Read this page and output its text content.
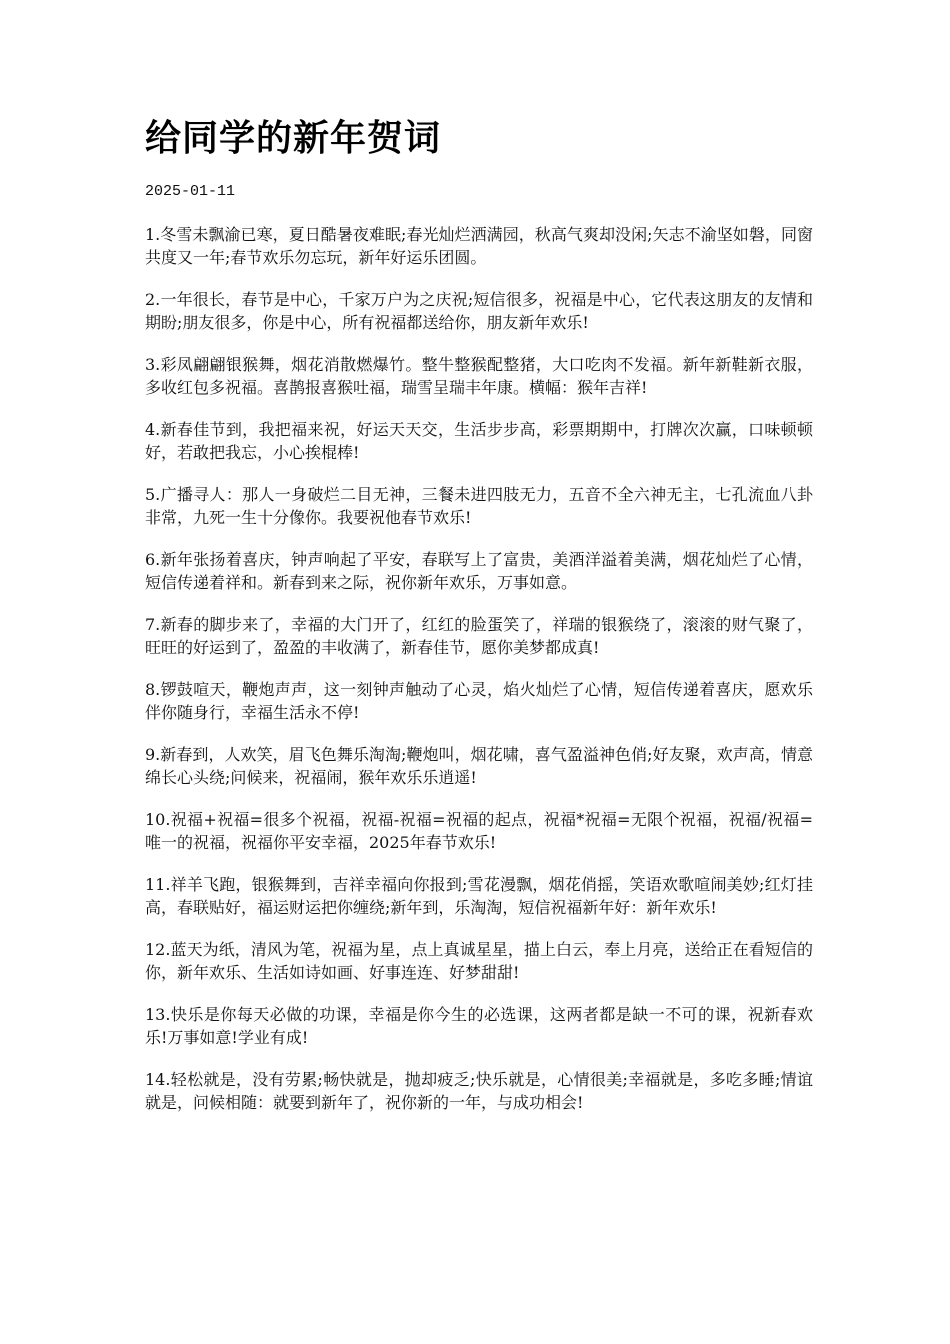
给同学的新年贺词
2025-01-11

1.冬雪未飘渝已寒，夏日酷暑夜难眠;春光灿烂洒满园，秋高气爽却没闲;矢志不渝坚如磐，同窗共度又一年;春节欢乐勿忘玩，新年好运乐团圆。

2.一年很长，春节是中心，千家万户为之庆祝;短信很多，祝福是中心，它代表这朋友的友情和期盼;朋友很多，你是中心，所有祝福都送给你，朋友新年欢乐!

3.彩凤翩翩银猴舞，烟花消散燃爆竹。整牛整猴配整猪，大口吃肉不发福。新年新鞋新衣服，多收红包多祝福。喜鹊报喜猴吐福，瑞雪呈瑞丰年康。横幅：猴年吉祥!

4.新春佳节到，我把福来祝，好运天天交，生活步步高，彩票期期中，打牌次次赢，口味顿顿好，若敢把我忘，小心挨棍棒!

5.广播寻人：那人一身破烂二目无神，三餐未进四肢无力，五音不全六神无主，七孔流血八卦非常，九死一生十分像你。我要祝他春节欢乐!

6.新年张扬着喜庆，钟声响起了平安，春联写上了富贵，美酒洋溢着美满，烟花灿烂了心情，短信传递着祥和。新春到来之际，祝你新年欢乐，万事如意。

7.新春的脚步来了，幸福的大门开了，红红的脸蛋笑了，祥瑞的银猴绕了，滚滚的财气聚了，旺旺的好运到了，盈盈的丰收满了，新春佳节，愿你美梦都成真!

8.锣鼓喧天，鞭炮声声，这一刻钟声触动了心灵，焰火灿烂了心情，短信传递着喜庆，愿欢乐伴你随身行，幸福生活永不停!

9.新春到，人欢笑，眉飞色舞乐淘淘;鞭炮叫，烟花啸，喜气盈溢神色俏;好友聚，欢声高，情意绵长心头绕;问候来，祝福闹，猴年欢乐乐逍遥!

10.祝福+祝福=很多个祝福，祝福-祝福=祝福的起点，祝福*祝福=无限个祝福，祝福/祝福=唯一的祝福，祝福你平安幸福，2025年春节欢乐!

11.祥羊飞跑，银猴舞到，吉祥幸福向你报到;雪花漫飘，烟花俏摇，笑语欢歌喧闹美妙;红灯挂高，春联贴好，福运财运把你缠绕;新年到，乐淘淘，短信祝福新年好：新年欢乐!

12.蓝天为纸，清风为笔，祝福为星，点上真诚星星，描上白云，奉上月亮，送给正在看短信的你，新年欢乐、生活如诗如画、好事连连、好梦甜甜!

13.快乐是你每天必做的功课，幸福是你今生的必选课，这两者都是缺一不可的课，祝新春欢乐!万事如意!学业有成!

14.轻松就是，没有劳累;畅快就是，抛却疲乏;快乐就是，心情很美;幸福就是，多吃多睡;情谊就是，问候相随：就要到新年了，祝你新的一年，与成功相会!
